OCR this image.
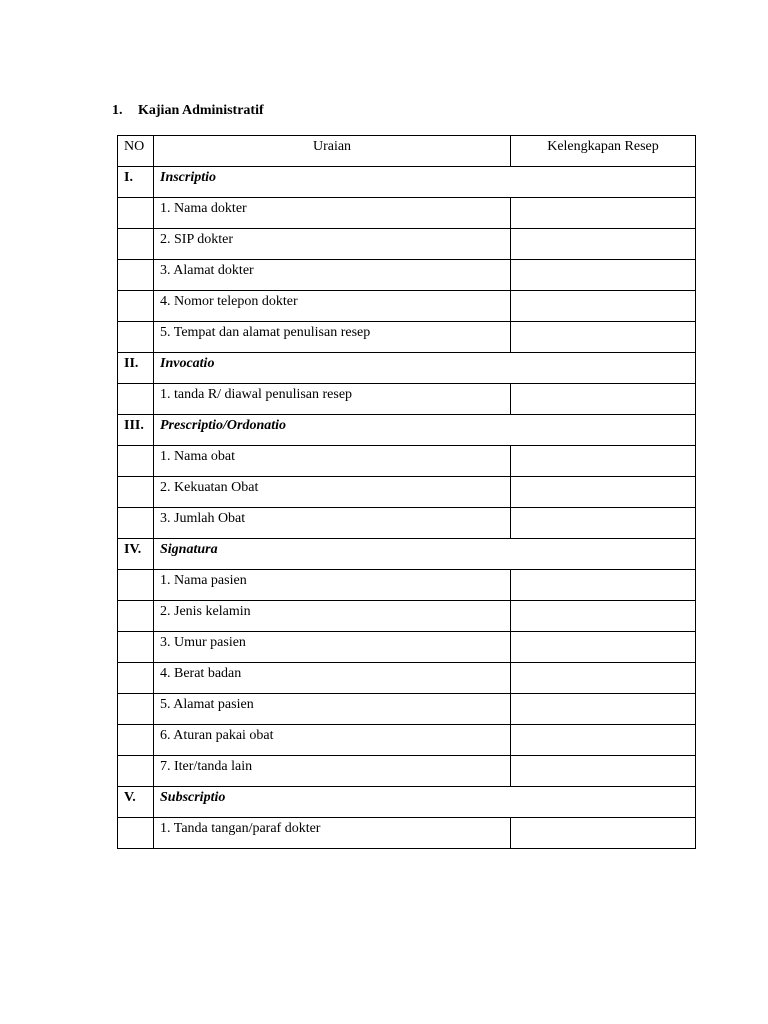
1. Kajian Administratif
NO	Uraian	Kelengkapan Resep
I.	Inscriptio	
	1. Nama dokter	
	2. SIP dokter	
	3. Alamat dokter	
	4. Nomor telepon dokter	
	5. Tempat dan alamat penulisan resep	
II.	Invocatio	
	1. tanda R/ diawal penulisan resep	
III.	Prescriptio/Ordonatio	
	1. Nama obat	
	2. Kekuatan Obat	
	3. Jumlah Obat	
IV.	Signatura	
	1. Nama pasien	
	2. Jenis kelamin	
	3. Umur pasien	
	4. Berat badan	
	5. Alamat pasien	
	6. Aturan pakai obat	
	7. Iter/tanda lain	
V.	Subscriptio	
	1. Tanda tangan/paraf dokter	
